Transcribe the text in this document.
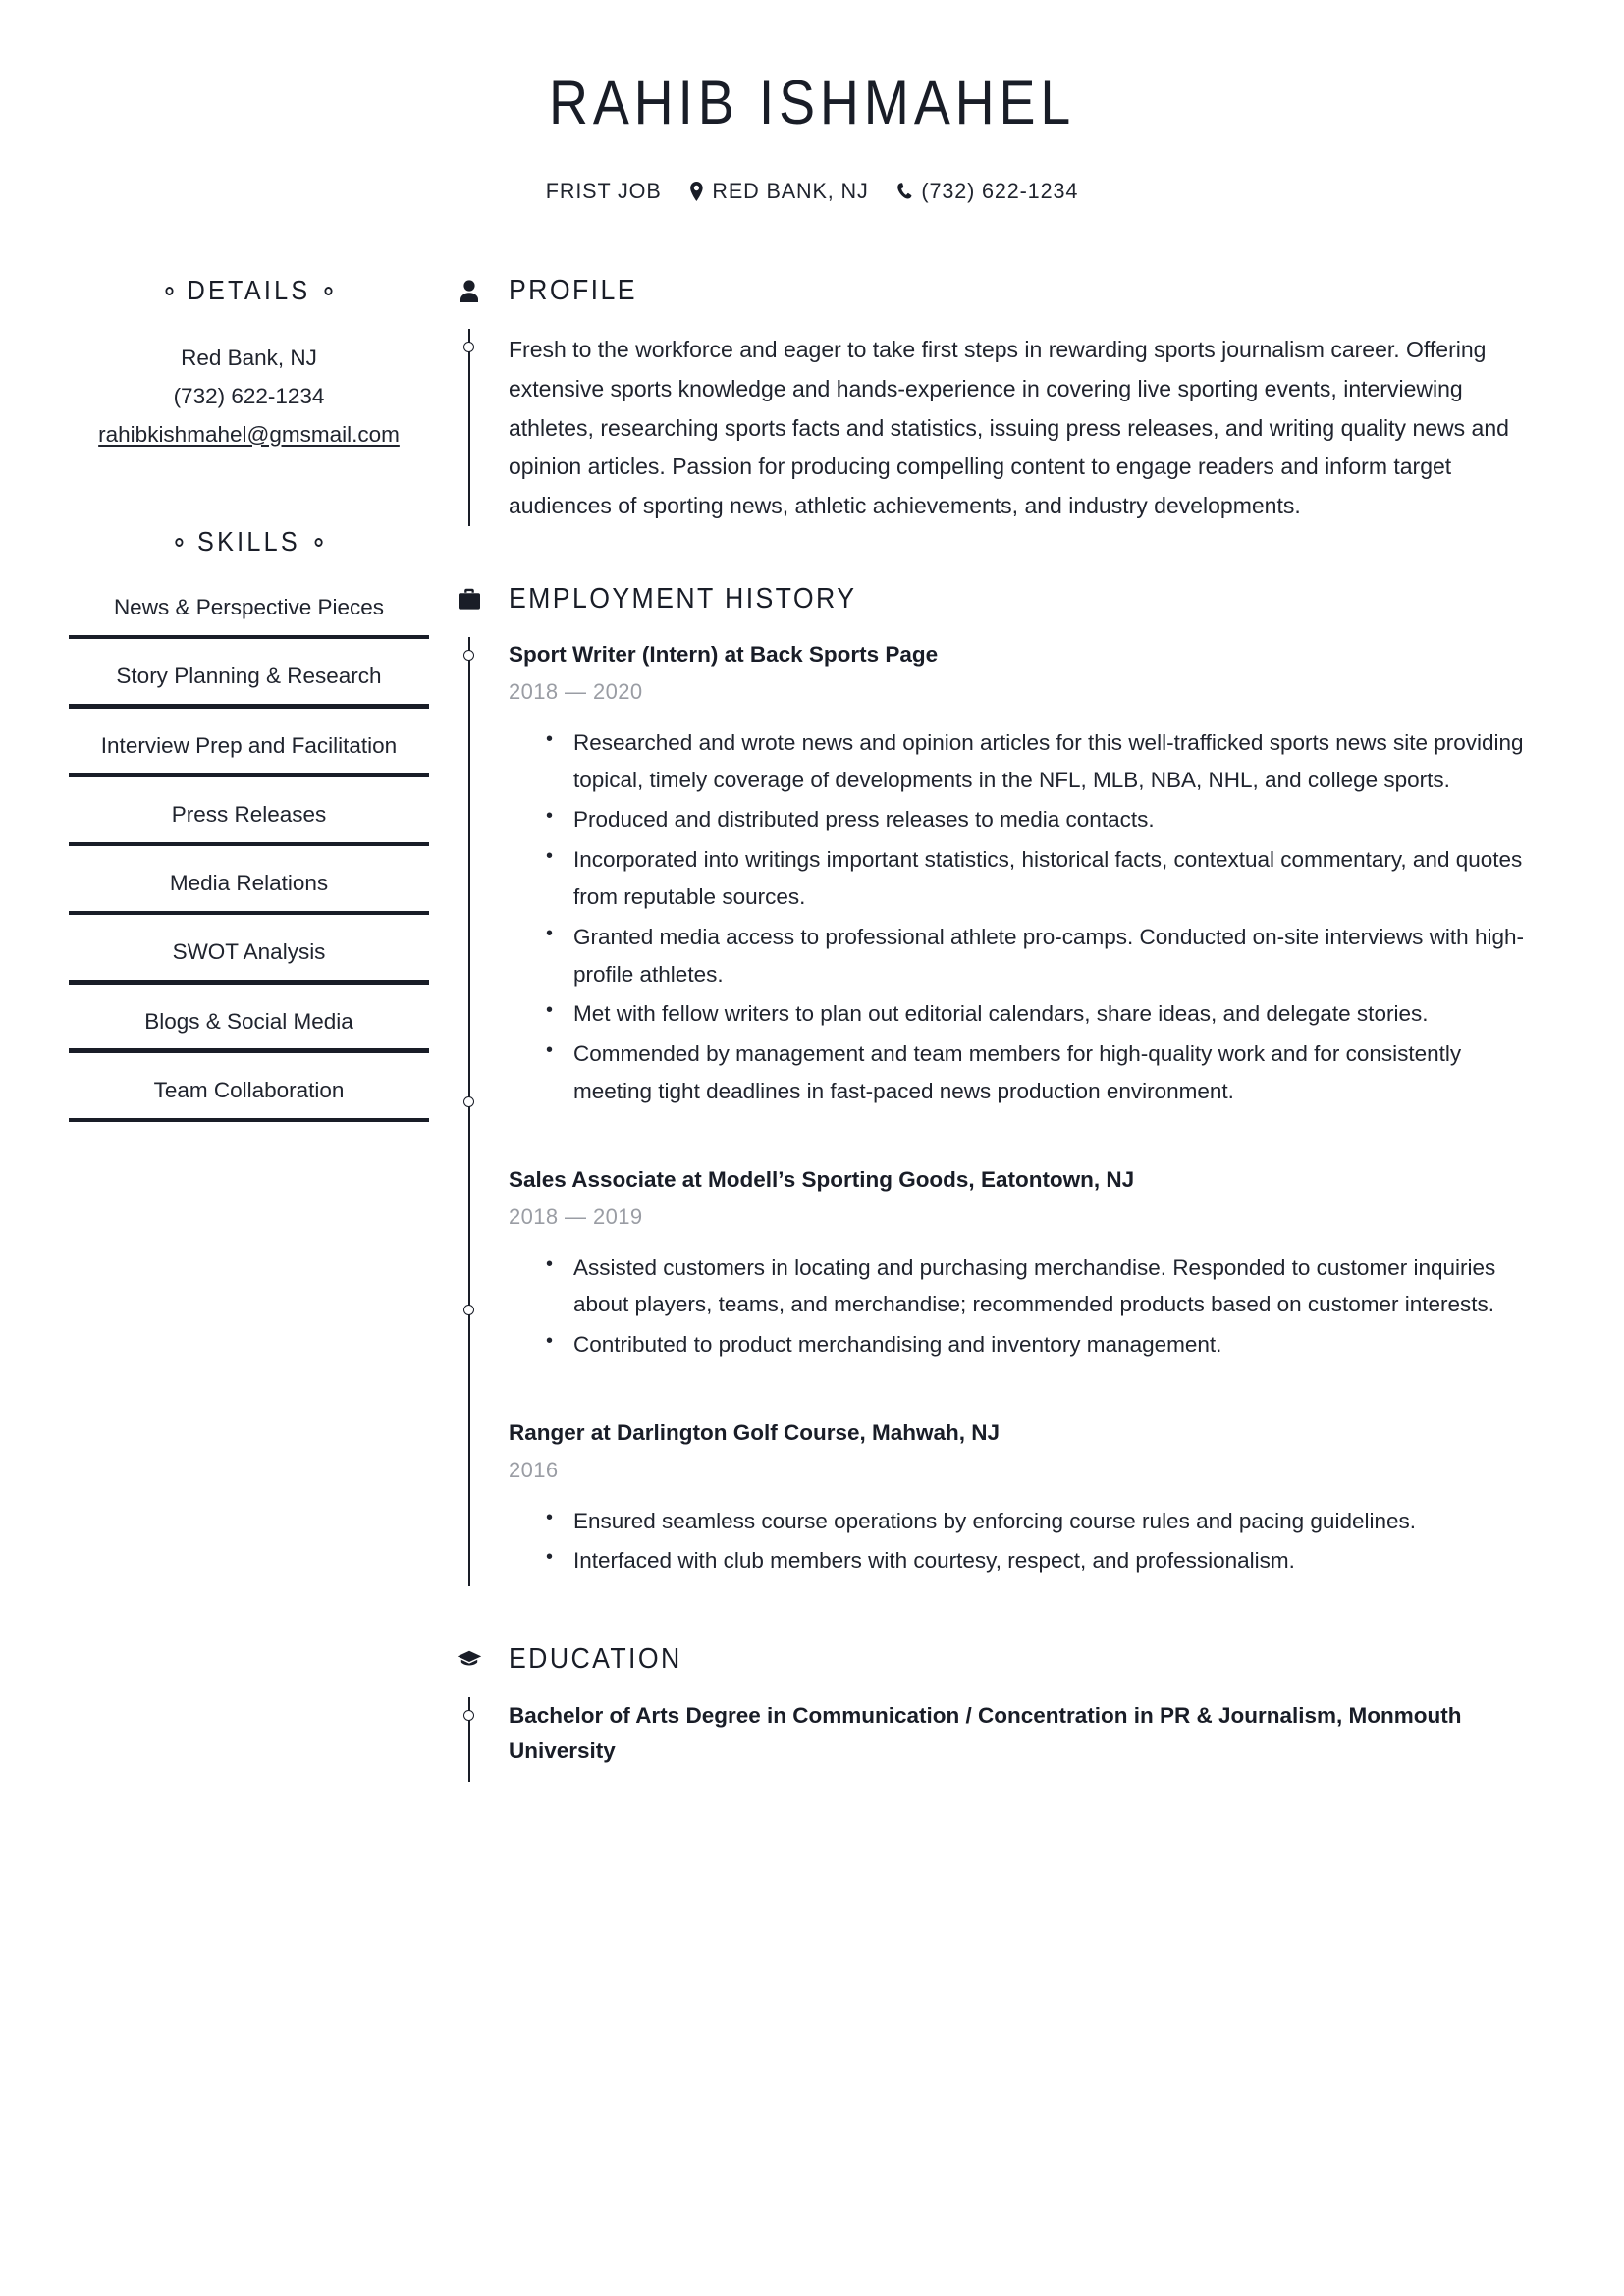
RAHIB ISHMAHEL
FRIST JOB RED BANK, NJ (732) 622-1234
DETAILS
Red Bank, NJ
(732) 622-1234
rahibkishmahel@gmsmail.com
SKILLS
News & Perspective Pieces
Story Planning & Research
Interview Prep and Facilitation
Press Releases
Media Relations
SWOT Analysis
Blogs & Social Media
Team Collaboration
PROFILE
Fresh to the workforce and eager to take first steps in rewarding sports journalism career. Offering extensive sports knowledge and hands-experience in covering live sporting events, interviewing athletes, researching sports facts and statistics, issuing press releases, and writing quality news and opinion articles. Passion for producing compelling content to engage readers and inform target audiences of sporting news, athletic achievements, and industry developments.
EMPLOYMENT HISTORY
Sport Writer (Intern) at Back Sports Page
2018 — 2020
• Researched and wrote news and opinion articles for this well-trafficked sports news site providing topical, timely coverage of developments in the NFL, MLB, NBA, NHL, and college sports.
• Produced and distributed press releases to media contacts.
• Incorporated into writings important statistics, historical facts, contextual commentary, and quotes from reputable sources.
• Granted media access to professional athlete pro-camps. Conducted on-site interviews with high-profile athletes.
• Met with fellow writers to plan out editorial calendars, share ideas, and delegate stories.
• Commended by management and team members for high-quality work and for consistently meeting tight deadlines in fast-paced news production environment.
Sales Associate at Modell’s Sporting Goods, Eatontown, NJ
2018 — 2019
• Assisted customers in locating and purchasing merchandise. Responded to customer inquiries about players, teams, and merchandise; recommended products based on customer interests.
• Contributed to product merchandising and inventory management.
Ranger at Darlington Golf Course, Mahwah, NJ
2016
• Ensured seamless course operations by enforcing course rules and pacing guidelines.
• Interfaced with club members with courtesy, respect, and professionalism.
EDUCATION
Bachelor of Arts Degree in Communication / Concentration in PR & Journalism, Monmouth University
